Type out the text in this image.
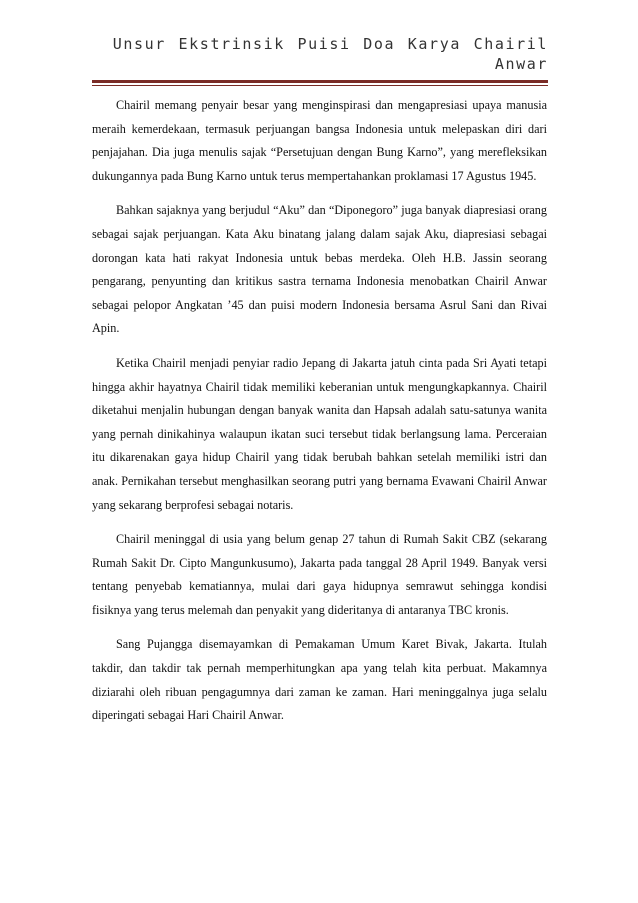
Unsur Ekstrinsik Puisi Doa Karya Chairil Anwar

Chairil memang penyair besar yang menginspirasi dan mengapresiasi upaya manusia meraih kemerdekaan, termasuk perjuangan bangsa Indonesia untuk melepaskan diri dari penjajahan. Dia juga menulis sajak “Persetujuan dengan Bung Karno”, yang merefleksikan dukungannya pada Bung Karno untuk terus mempertahankan proklamasi 17 Agustus 1945.

Bahkan sajaknya yang berjudul “Aku” dan “Diponegoro” juga banyak diapresiasi orang sebagai sajak perjuangan. Kata Aku binatang jalang dalam sajak Aku, diapresiasi sebagai dorongan kata hati rakyat Indonesia untuk bebas merdeka. Oleh H.B. Jassin seorang pengarang, penyunting dan kritikus sastra ternama Indonesia menobatkan Chairil Anwar sebagai pelopor Angkatan ’45 dan puisi modern Indonesia bersama Asrul Sani dan Rivai Apin.

Ketika Chairil menjadi penyiar radio Jepang di Jakarta jatuh cinta pada Sri Ayati tetapi hingga akhir hayatnya Chairil tidak memiliki keberanian untuk mengungkapkannya. Chairil diketahui menjalin hubungan dengan banyak wanita dan Hapsah adalah satu-satunya wanita yang pernah dinikahinya walaupun ikatan suci tersebut tidak berlangsung lama. Perceraian itu dikarenakan gaya hidup Chairil yang tidak berubah bahkan setelah memiliki istri dan anak. Pernikahan tersebut menghasilkan seorang putri yang bernama Evawani Chairil Anwar yang sekarang berprofesi sebagai notaris.

Chairil meninggal di usia yang belum genap 27 tahun di Rumah Sakit CBZ (sekarang Rumah Sakit Dr. Cipto Mangunkusumo), Jakarta pada tanggal 28 April 1949. Banyak versi tentang penyebab kematiannya, mulai dari gaya hidupnya semrawut sehingga kondisi fisiknya yang terus melemah dan penyakit yang dideritanya di antaranya TBC kronis.

Sang Pujangga disemayamkan di Pemakaman Umum Karet Bivak, Jakarta. Itulah takdir, dan takdir tak pernah memperhitungkan apa yang telah kita perbuat. Makamnya diziarahi oleh ribuan pengagumnya dari zaman ke zaman. Hari meninggalnya juga selalu diperingati sebagai Hari Chairil Anwar.
